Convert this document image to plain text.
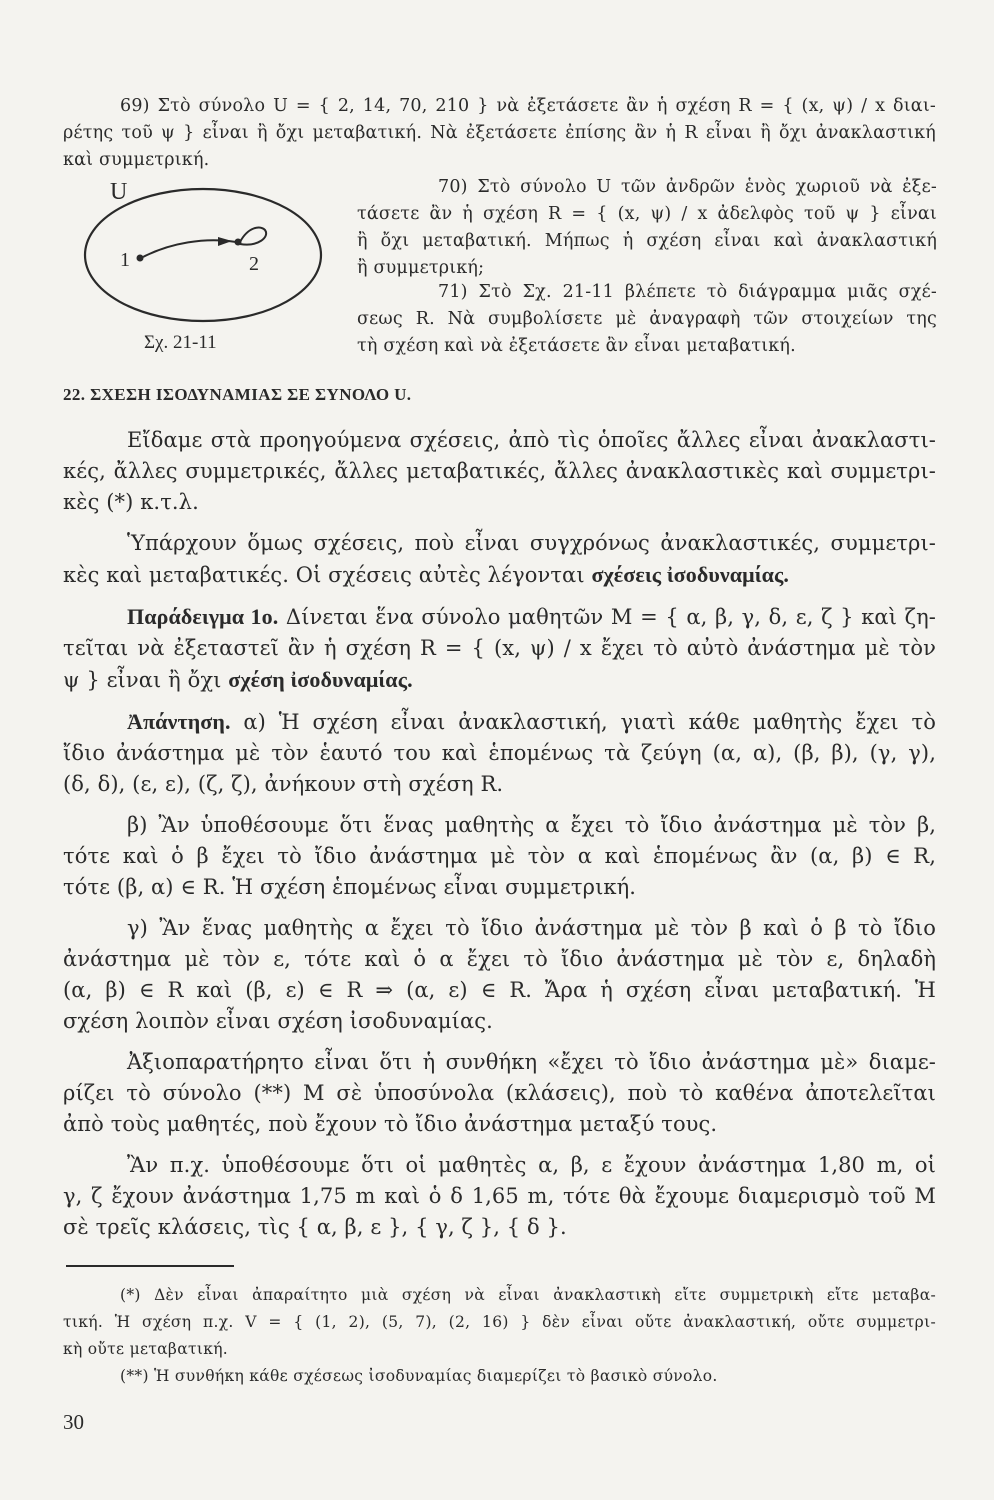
69) Στὸ σύνολο U = { 2, 14, 70, 210 } νὰ ἐξετάσετε ἂν ἡ σχέση R = { (x, ψ) / x διαι-
ρέτης τοῦ ψ } εἶναι ἢ ὄχι μεταβατική. Νὰ ἐξετάσετε ἐπίσης ἂν ἡ R εἶναι ἢ ὄχι ἀνακλαστική
καὶ συμμετρική.
U
1	2
Σχ. 21-11
70) Στὸ σύνολο U τῶν ἀνδρῶν ἑνὸς χωριοῦ νὰ ἐξε-
τάσετε ἂν ἡ σχέση R = { (x, ψ) / x ἀδελφὸς τοῦ ψ } εἶναι
ἢ ὄχι μεταβατική. Μήπως ἡ σχέση εἶναι καὶ ἀνακλαστική
ἢ συμμετρική;
71) Στὸ Σχ. 21-11 βλέπετε τὸ διάγραμμα μιᾶς σχέ-
σεως R. Νὰ συμβολίσετε μὲ ἀναγραφὴ τῶν στοιχείων της
τὴ σχέση καὶ νὰ ἐξετάσετε ἂν εἶναι μεταβατική.
22. ΣΧΕΣΗ ΙΣΟΔΥΝΑΜΙΑΣ ΣΕ ΣΥΝΟΛΟ U.
Εἴδαμε στὰ προηγούμενα σχέσεις, ἀπὸ τὶς ὁποῖες ἄλλες εἶναι ἀνακλαστι-
κές, ἄλλες συμμετρικές, ἄλλες μεταβατικές, ἄλλες ἀνακλαστικὲς καὶ συμμετρι-
κὲς (*) κ.τ.λ.
Ὑπάρχουν ὅμως σχέσεις, ποὺ εἶναι συγχρόνως ἀνακλαστικές, συμμετρι-
κὲς καὶ μεταβατικές. Οἱ σχέσεις αὐτὲς λέγονται σχέσεις ἰσοδυναμίας.
Παράδειγμα 1ο. Δίνεται ἕνα σύνολο μαθητῶν M = { α, β, γ, δ, ε, ζ } καὶ ζη-
τεῖται νὰ ἐξεταστεῖ ἂν ἡ σχέση R = { (x, ψ) / x ἔχει τὸ αὐτὸ ἀνάστημα μὲ τὸν
ψ } εἶναι ἢ ὄχι σχέση ἰσοδυναμίας.
Ἀπάντηση. α) Ἡ σχέση εἶναι ἀνακλαστική, γιατὶ κάθε μαθητὴς ἔχει τὸ
ἴδιο ἀνάστημα μὲ τὸν ἑαυτό του καὶ ἑπομένως τὰ ζεύγη (α, α), (β, β), (γ, γ),
(δ, δ), (ε, ε), (ζ, ζ), ἀνήκουν στὴ σχέση R.
β) Ἂν ὑποθέσουμε ὅτι ἕνας μαθητὴς α ἔχει τὸ ἴδιο ἀνάστημα μὲ τὸν β,
τότε καὶ ὁ β ἔχει τὸ ἴδιο ἀνάστημα μὲ τὸν α καὶ ἑπομένως ἂν (α, β) ∈ R,
τότε (β, α) ∈ R. Ἡ σχέση ἑπομένως εἶναι συμμετρική.
γ) Ἂν ἕνας μαθητὴς α ἔχει τὸ ἴδιο ἀνάστημα μὲ τὸν β καὶ ὁ β τὸ ἴδιο
ἀνάστημα μὲ τὸν ε, τότε καὶ ὁ α ἔχει τὸ ἴδιο ἀνάστημα μὲ τὸν ε, δηλαδὴ
(α, β) ∈ R καὶ (β, ε) ∈ R ⇒ (α, ε) ∈ R. Ἄρα ἡ σχέση εἶναι μεταβατική. Ἡ
σχέση λοιπὸν εἶναι σχέση ἰσοδυναμίας.
Ἀξιοπαρατήρητο εἶναι ὅτι ἡ συνθήκη «ἔχει τὸ ἴδιο ἀνάστημα μὲ» διαμε-
ρίζει τὸ σύνολο (**) M σὲ ὑποσύνολα (κλάσεις), ποὺ τὸ καθένα ἀποτελεῖται
ἀπὸ τοὺς μαθητές, ποὺ ἔχουν τὸ ἴδιο ἀνάστημα μεταξύ τους.
Ἂν π.χ. ὑποθέσουμε ὅτι οἱ μαθητὲς α, β, ε ἔχουν ἀνάστημα 1,80 m, οἱ
γ, ζ ἔχουν ἀνάστημα 1,75 m καὶ ὁ δ 1,65 m, τότε θὰ ἔχουμε διαμερισμὸ τοῦ M
σὲ τρεῖς κλάσεις, τὶς { α, β, ε }, { γ, ζ }, { δ }.
(*) Δὲν εἶναι ἀπαραίτητο μιὰ σχέση νὰ εἶναι ἀνακλαστικὴ εἴτε συμμετρικὴ εἴτε μεταβα-
τική. Ἡ σχέση π.χ. V = { (1, 2), (5, 7), (2, 16) } δὲν εἶναι οὔτε ἀνακλαστική, οὔτε συμμετρι-
κὴ οὔτε μεταβατική.
(**) Ἡ συνθήκη κάθε σχέσεως ἰσοδυναμίας διαμερίζει τὸ βασικὸ σύνολο.
30
